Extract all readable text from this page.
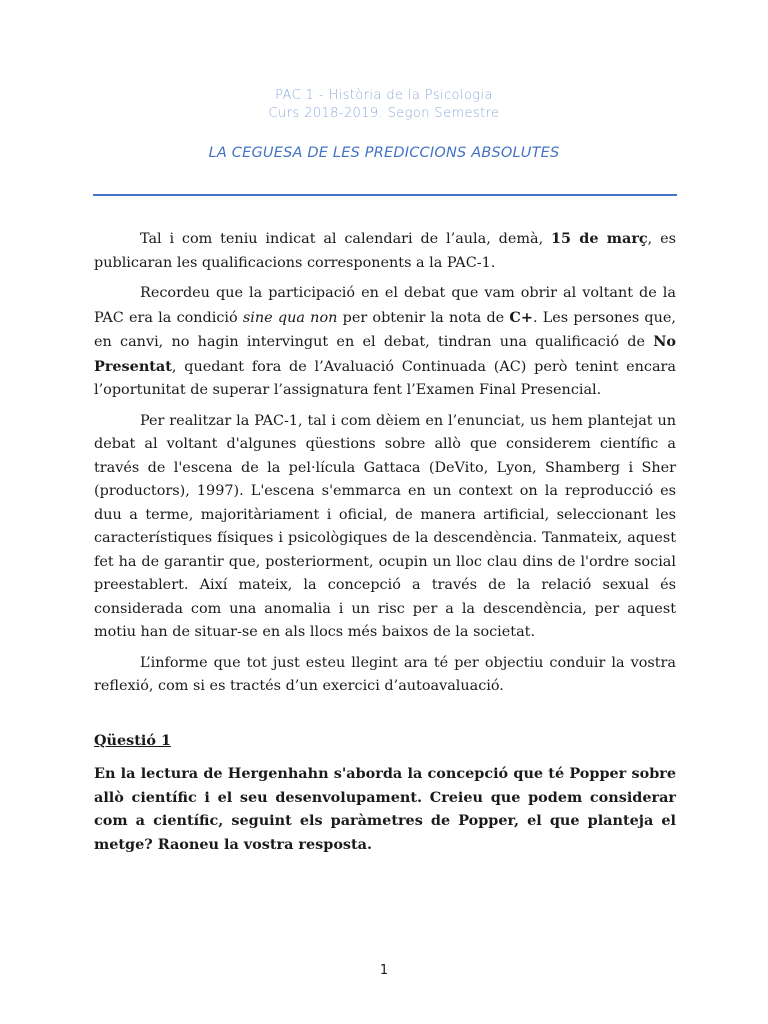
PAC 1 - Història de la Psicologia
Curs 2018-2019. Segon Semestre
LA CEGUESA DE LES PREDICCIONS ABSOLUTES

Tal i com teniu indicat al calendari de l’aula, demà, 15 de març, es publicaran les qualificacions corresponents a la PAC-1.

Recordeu que la participació en el debat que vam obrir al voltant de la PAC era la condició sine qua non per obtenir la nota de C+. Les persones que, en canvi, no hagin intervingut en el debat, tindran una qualificació de No Presentat, quedant fora de l’Avaluació Continuada (AC) però tenint encara l’oportunitat de superar l’assignatura fent l’Examen Final Presencial.

Per realitzar la PAC-1, tal i com dèiem en l’enunciat, us hem plantejat un debat al voltant d'algunes qüestions sobre allò que considerem científic a través de l'escena de la pel·lícula Gattaca (DeVito, Lyon, Shamberg i Sher (productors), 1997). L'escena s'emmarca en un context on la reproducció es duu a terme, majoritàriament i oficial, de manera artificial, seleccionant les característiques físiques i psicològiques de la descendència. Tanmateix, aquest fet ha de garantir que, posteriorment, ocupin un lloc clau dins de l'ordre social preestablert. Així mateix, la concepció a través de la relació sexual és considerada com una anomalia i un risc per a la descendència, per aquest motiu han de situar-se en als llocs més baixos de la societat.

L’informe que tot just esteu llegint ara té per objectiu conduir la vostra reflexió, com si es tractés d’un exercici d’autoavaluació.

Qüestió 1

En la lectura de Hergenhahn s'aborda la concepció que té Popper sobre allò científic i el seu desenvolupament. Creieu que podem considerar com a científic, seguint els paràmetres de Popper, el que planteja el metge? Raoneu la vostra resposta.

1
